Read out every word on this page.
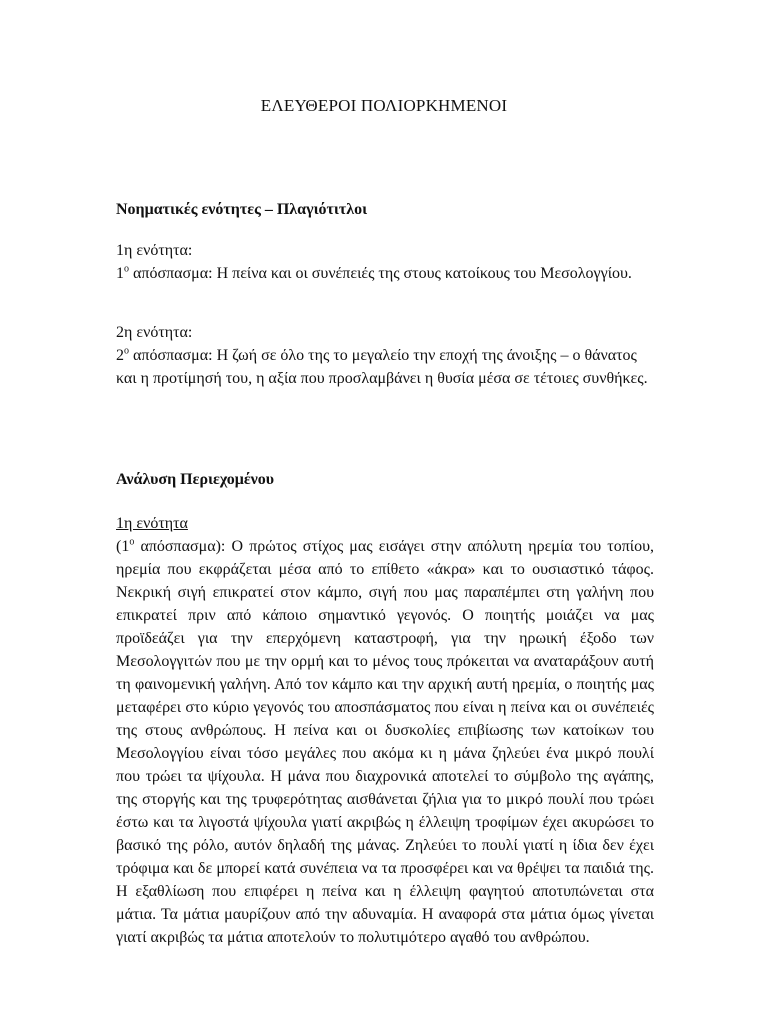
ΕΛΕΥΘΕΡΟΙ ΠΟΛΙΟΡΚΗΜΕΝΟΙ

Νοηματικές ενότητες – Πλαγιότιτλοι

1η ενότητα:

$1^o$ απόσπασμα: Η πείνα και οι συνέπειές της στους κατοίκους του Μεσολογγίου.

2η ενότητα:

$2^o$ απόσπασμα: Η ζωή σε όλο της το μεγαλείο την εποχή της άνοιξης – ο θάνατος και η προτίμησή του, η αξία που προσλαμβάνει η θυσία μέσα σε τέτοιες συνθήκες.

Ανάλυση Περιεχομένου

1η ενότητα

($1^o$ απόσπασμα): Ο πρώτος στίχος μας εισάγει στην απόλυτη ηρεμία του τοπίου, ηρεμία που εκφράζεται μέσα από το επίθετο «άκρα» και το ουσιαστικό τάφος. Νεκρική σιγή επικρατεί στον κάμπο, σιγή που μας παραπέμπει στη γαλήνη που επικρατεί πριν από κάποιο σημαντικό γεγονός. Ο ποιητής μοιάζει να μας προϊδεάζει για την επερχόμενη καταστροφή, για την ηρωική έξοδο των Μεσολογγιτών που με την ορμή και το μένος τους πρόκειται να αναταράξουν αυτή τη φαινομενική γαλήνη. Από τον κάμπο και την αρχική αυτή ηρεμία, ο ποιητής μας μεταφέρει στο κύριο γεγονός του αποσπάσματος που είναι η πείνα και οι συνέπειές της στους ανθρώπους. Η πείνα και οι δυσκολίες επιβίωσης των κατοίκων του Μεσολογγίου είναι τόσο μεγάλες που ακόμα κι η μάνα ζηλεύει ένα μικρό πουλί που τρώει τα ψίχουλα. Η μάνα που διαχρονικά αποτελεί το σύμβολο της αγάπης, της στοργής και της τρυφερότητας αισθάνεται ζήλια για το μικρό πουλί που τρώει έστω και τα λιγοστά ψίχουλα γιατί ακριβώς η έλλειψη τροφίμων έχει ακυρώσει το βασικό της ρόλο, αυτόν δηλαδή της μάνας. Ζηλεύει το πουλί γιατί η ίδια δεν έχει τρόφιμα και δε μπορεί κατά συνέπεια να τα προσφέρει και να θρέψει τα παιδιά της. Η εξαθλίωση που επιφέρει η πείνα και η έλλειψη φαγητού αποτυπώνεται στα μάτια. Τα μάτια μαυρίζουν από την αδυναμία. Η αναφορά στα μάτια όμως γίνεται γιατί ακριβώς τα μάτια αποτελούν το πολυτιμότερο αγαθό του ανθρώπου.
